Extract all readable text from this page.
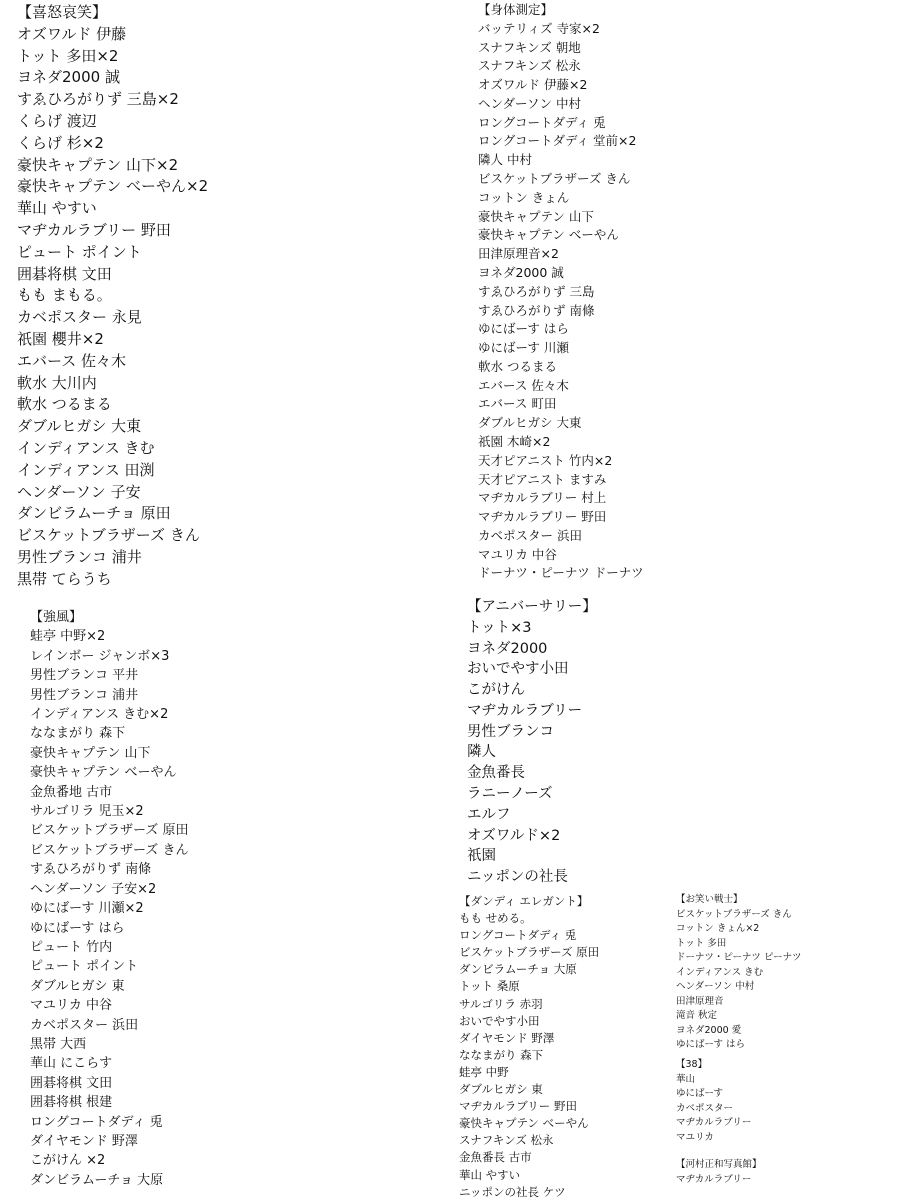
【喜怒哀笑】
オズワルド 伊藤
トット 多田×2
ヨネダ2000 誠
すゑひろがりず 三島×2
くらげ 渡辺
くらげ 杉×2
豪快キャプテン 山下×2
豪快キャプテン べーやん×2
華山 やすい
マヂカルラブリー 野田
ピュート ポイント
囲碁将棋 文田
もも まもる。
カベポスター 永見
祇園 櫻井×2
エバース 佐々木
軟水 大川内
軟水 つるまる
ダブルヒガシ 大東
インディアンス きむ
インディアンス 田渕
ヘンダーソン 子安
ダンビラムーチョ 原田
ビスケットブラザーズ きん
男性ブランコ 浦井
黒帯 てらうち
【強風】
蛙亭 中野×2
レインボー ジャンボ×3
男性ブランコ 平井
男性ブランコ 浦井
インディアンス きむ×2
ななまがり 森下
豪快キャプテン 山下
豪快キャプテン べーやん
金魚番地 古市
サルゴリラ 児玉×2
ビスケットブラザーズ 原田
ビスケットブラザーズ きん
すゑひろがりず 南條
ヘンダーソン 子安×2
ゆにばーす 川瀬×2
ゆにばーす はら
ピュート 竹内
ピュート ポイント
ダブルヒガシ 東
マユリカ 中谷
カベポスター 浜田
黒帯 大西
華山 にこらす
囲碁将棋 文田
囲碁将棋 根建
ロングコートダディ 兎
ダイヤモンド 野澤
こがけん ×2
ダンビラムーチョ 大原
【身体測定】
バッテリィズ 寺家×2
スナフキンズ 朝地
スナフキンズ 松永
オズワルド 伊藤×2
ヘンダーソン 中村
ロングコートダディ 兎
ロングコートダディ 堂前×2
隣人 中村
ビスケットブラザーズ きん
コットン きょん
豪快キャプテン 山下
豪快キャプテン べーやん
田津原理音×2
ヨネダ2000 誠
すゑひろがりず 三島
すゑひろがりず 南條
ゆにばーす はら
ゆにばーす 川瀬
軟水 つるまる
エバース 佐々木
エバース 町田
ダブルヒガシ 大東
祇園 木崎×2
天才ピアニスト 竹内×2
天才ピアニスト ますみ
マヂカルラブリー 村上
マヂカルラブリー 野田
カベポスター 浜田
マユリカ 中谷
ドーナツ・ピーナツ ドーナツ
【アニバーサリー】
トット×3
ヨネダ2000
おいでやす小田
こがけん
マヂカルラブリー
男性ブランコ
隣人
金魚番長
ラニーノーズ
エルフ
オズワルド×2
祇園
ニッポンの社長
【ダンディ エレガント】
もも せめる。
ロングコートダディ 兎
ビスケットブラザーズ 原田
ダンビラムーチョ 大原
トット 桑原
サルゴリラ 赤羽
おいでやす小田
ダイヤモンド 野澤
ななまがり 森下
蛙亭 中野
ダブルヒガシ 東
マヂカルラブリー 野田
豪快キャプテン べーやん
スナフキンズ 松永
金魚番長 古市
華山 やすい
ニッポンの社長 ケツ
【お笑い戦士】
ビスケットブラザーズ きん
コットン きょん×2
トット 多田
ドーナツ・ピーナツ ピーナツ
インディアンス きむ
ヘンダーソン 中村
田津原理音
滝音 秋定
ヨネダ2000 愛
ゆにばーす はら
【38】
華山
ゆにばーす
カベポスター
マヂカルラブリー
マユリカ
【河村正和写真館】
マヂカルラブリー
